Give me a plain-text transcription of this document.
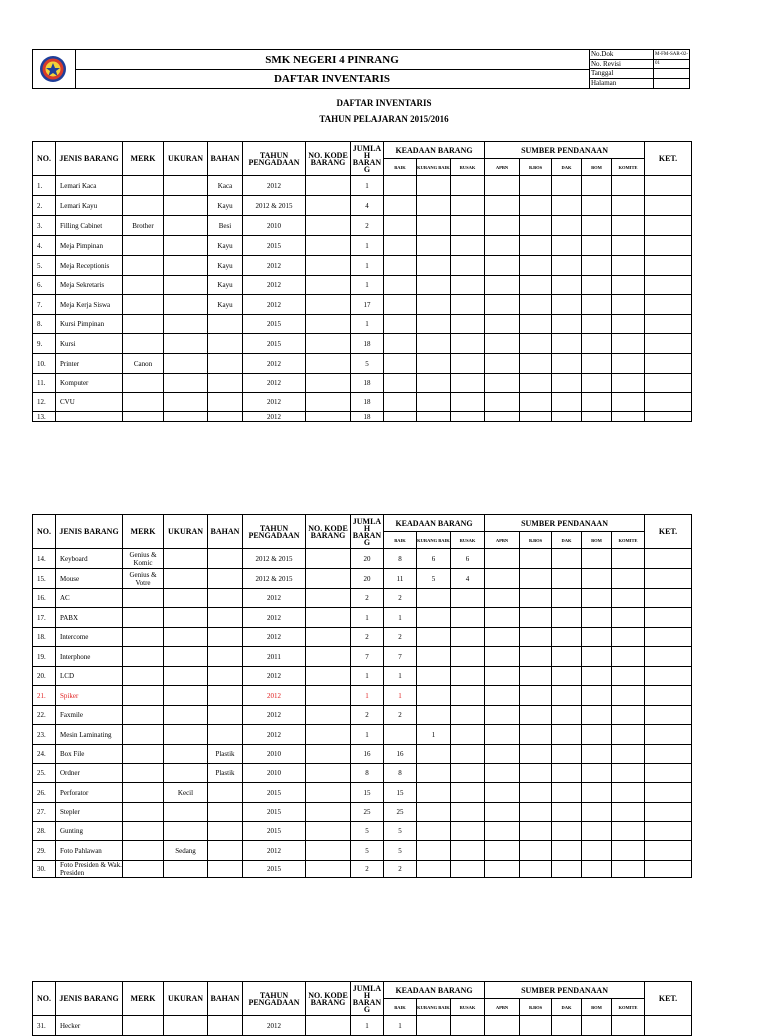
SMK NEGERI 4 PINRANG
DAFTAR INVENTARIS
No.Dok	M-FM-SAR-02-01
No. Revisi
Tanggal
Halaman
DAFTAR INVENTARIS
TAHUN PELAJARAN 2015/2016
NO.	JENIS BARANG	MERK	UKURAN	BAHAN	TAHUN PENGADAAN	NO. KODE BARANG	JUMLA H BARAN G	KEADAAN BARANG			SUMBER PENDANAAN					KET.
								BAIK	KURANG BAIK	RUSAK	APBN	B.BOS	DAK	BOM	KOMITE	
1.	Lemari Kaca			Kaca	2012		1									
2.	Lemari Kayu			Kayu	2012 & 2015		4									
3.	Filling Cabinet	Brother		Besi	2010		2									
4.	Meja Pimpinan			Kayu	2015		1									
5.	Meja Receptionis			Kayu	2012		1									
6.	Meja Sekretaris			Kayu	2012		1									
7.	Meja Kerja Siswa			Kayu	2012		17									
8.	Kursi Pimpinan				2015		1									
9.	Kursi				2015		18									
10.	Printer	Canon			2012		5									
11.	Komputer				2012		18									
12.	CVU				2012		18									
13.					2012		18									
NO.	JENIS BARANG	MERK	UKURAN	BAHAN	TAHUN PENGADAAN	NO. KODE BARANG	JUMLA H BARAN G	KEADAAN BARANG			SUMBER PENDANAAN					KET.
								BAIK	KURANG BAIK	RUSAK	APBN	B.BOS	DAK	BOM	KOMITE	
14.	Keyboard	Genius & Komic			2012 & 2015		20	8	6	6						
15.	Mouse	Genius & Votre			2012 & 2015		20	11	5	4						
16.	AC				2012		2	2								
17.	PABX				2012		1	1								
18.	Intercome				2012		2	2								
19.	Interphone				2011		7	7								
20.	LCD				2012		1	1								
21.	Spiker				2012		1	1								
22.	Faxmile				2012		2	2								
23.	Mesin Laminating				2012		1		1							
24.	Box File			Plastik	2010		16	16								
25.	Ordner			Plastik	2010		8	8								
26.	Perforator		Kecil		2015		15	15								
27.	Stepler				2015		25	25								
28.	Gunting				2015		5	5								
29.	Foto Pahlawan		Sedang		2012		5	5								
30.	Foto Presiden & Wak. Presiden				2015		2	2								
NO.	JENIS BARANG	MERK	UKURAN	BAHAN	TAHUN PENGADAAN	NO. KODE BARANG	JUMLA H BARAN G	KEADAAN BARANG			SUMBER PENDANAAN					KET.
								BAIK	KURANG BAIK	RUSAK	APBN	B.BOS	DAK	BOM	KOMITE	
31.	Hecker				2012		1	1								
